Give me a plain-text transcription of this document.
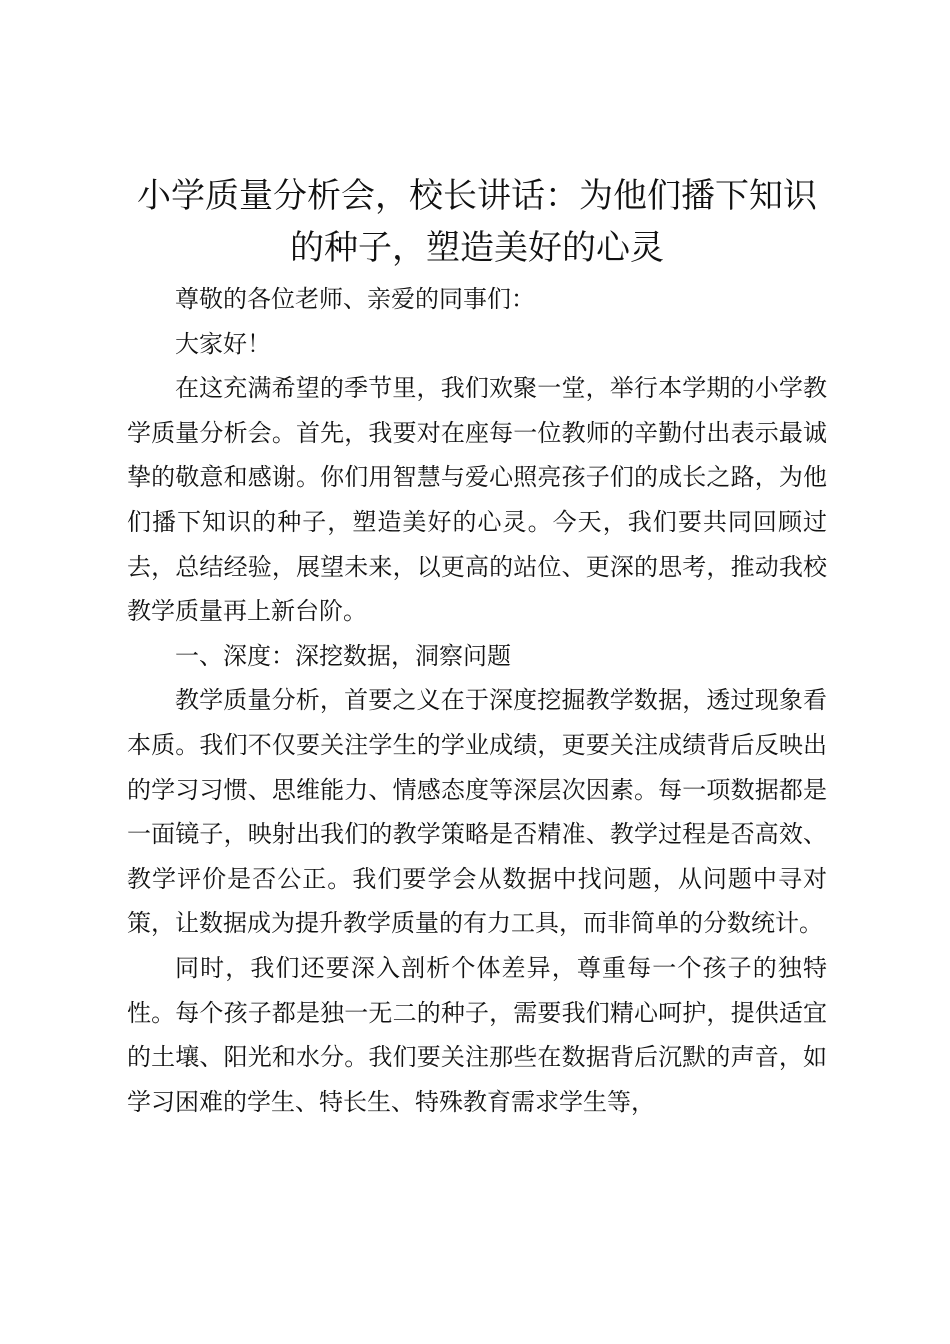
小学质量分析会，校长讲话：为他们播下知识
的种子，塑造美好的心灵

尊敬的各位老师、亲爱的同事们：

大家好！

在这充满希望的季节里，我们欢聚一堂，举行本学期的小学教学质量分析会。首先，我要对在座每一位教师的辛勤付出表示最诚挚的敬意和感谢。你们用智慧与爱心照亮孩子们的成长之路，为他们播下知识的种子，塑造美好的心灵。今天，我们要共同回顾过去，总结经验，展望未来，以更高的站位、更深的思考，推动我校教学质量再上新台阶。

一、深度：深挖数据，洞察问题

教学质量分析，首要之义在于深度挖掘教学数据，透过现象看本质。我们不仅要关注学生的学业成绩，更要关注成绩背后反映出的学习习惯、思维能力、情感态度等深层次因素。每一项数据都是一面镜子，映射出我们的教学策略是否精准、教学过程是否高效、教学评价是否公正。我们要学会从数据中找问题，从问题中寻对策，让数据成为提升教学质量的有力工具，而非简单的分数统计。

同时，我们还要深入剖析个体差异，尊重每一个孩子的独特性。每个孩子都是独一无二的种子，需要我们精心呵护，提供适宜的土壤、阳光和水分。我们要关注那些在数据背后沉默的声音，如学习困难的学生、特长生、特殊教育需求学生等，
